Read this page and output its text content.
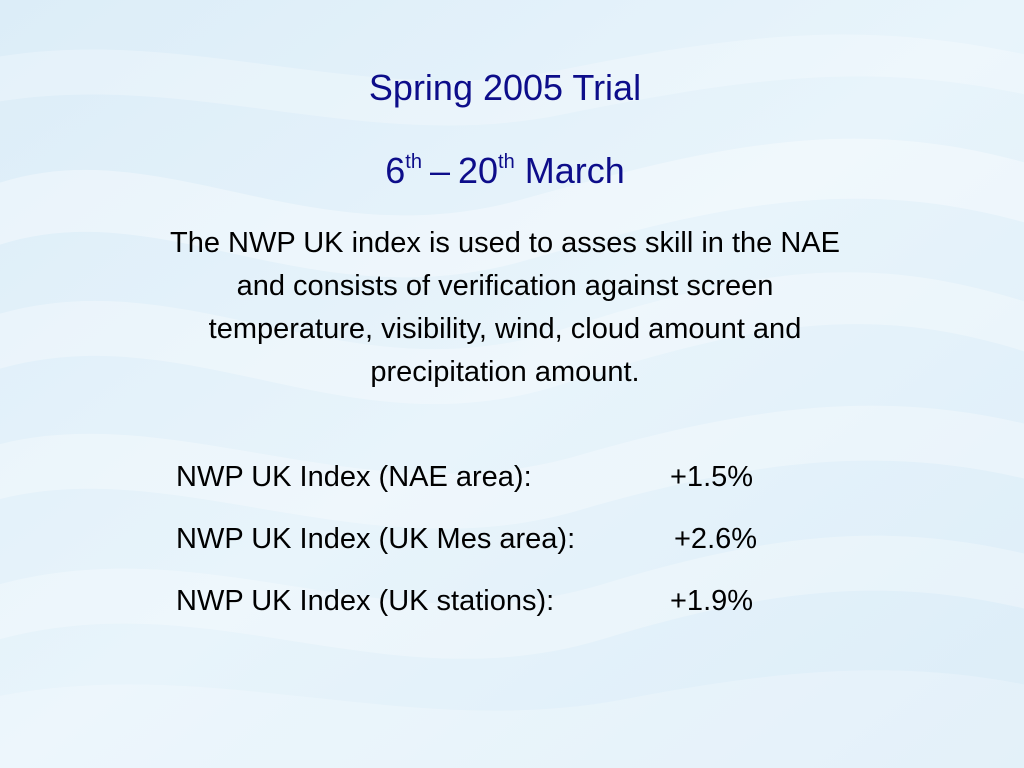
Spring 2005 Trial
6th – 20th March

The NWP UK index is used to asses skill in the NAE and consists of verification against screen temperature, visibility, wind, cloud amount and precipitation amount.

NWP UK Index (NAE area):	+1.5%
NWP UK Index (UK Mes area):	+2.6%
NWP UK Index (UK stations):	+1.9%
